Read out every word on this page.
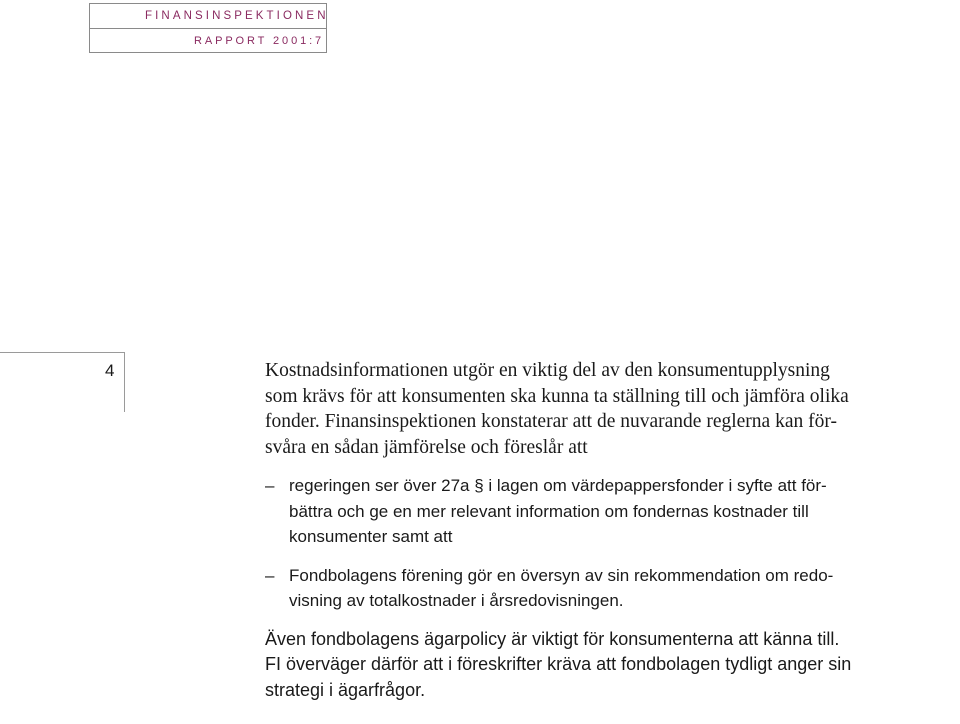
FINANSINSPEKTIONEN
RAPPORT 2001:7
4	Kostnadsinformationen utgör en viktig del av den konsumentupplysning
som krävs för att konsumenten ska kunna ta ställning till och jämföra olika
fonder. Finansinspektionen konstaterar att de nuvarande reglerna kan för-
svåra en sådan jämförelse och föreslår att

– regeringen ser över 27a § i lagen om värdepappersfonder i syfte att för-
bättra och ge en mer relevant information om fondernas kostnader till
konsumenter samt att
– Fondbolagens förening gör en översyn av sin rekommendation om redo-
visning av totalkostnader i årsredovisningen.
Även fondbolagens ägarpolicy är viktigt för konsumenterna att känna till.
FI överväger därför att i föreskrifter kräva att fondbolagen tydligt anger sin
strategi i ägarfrågor.
